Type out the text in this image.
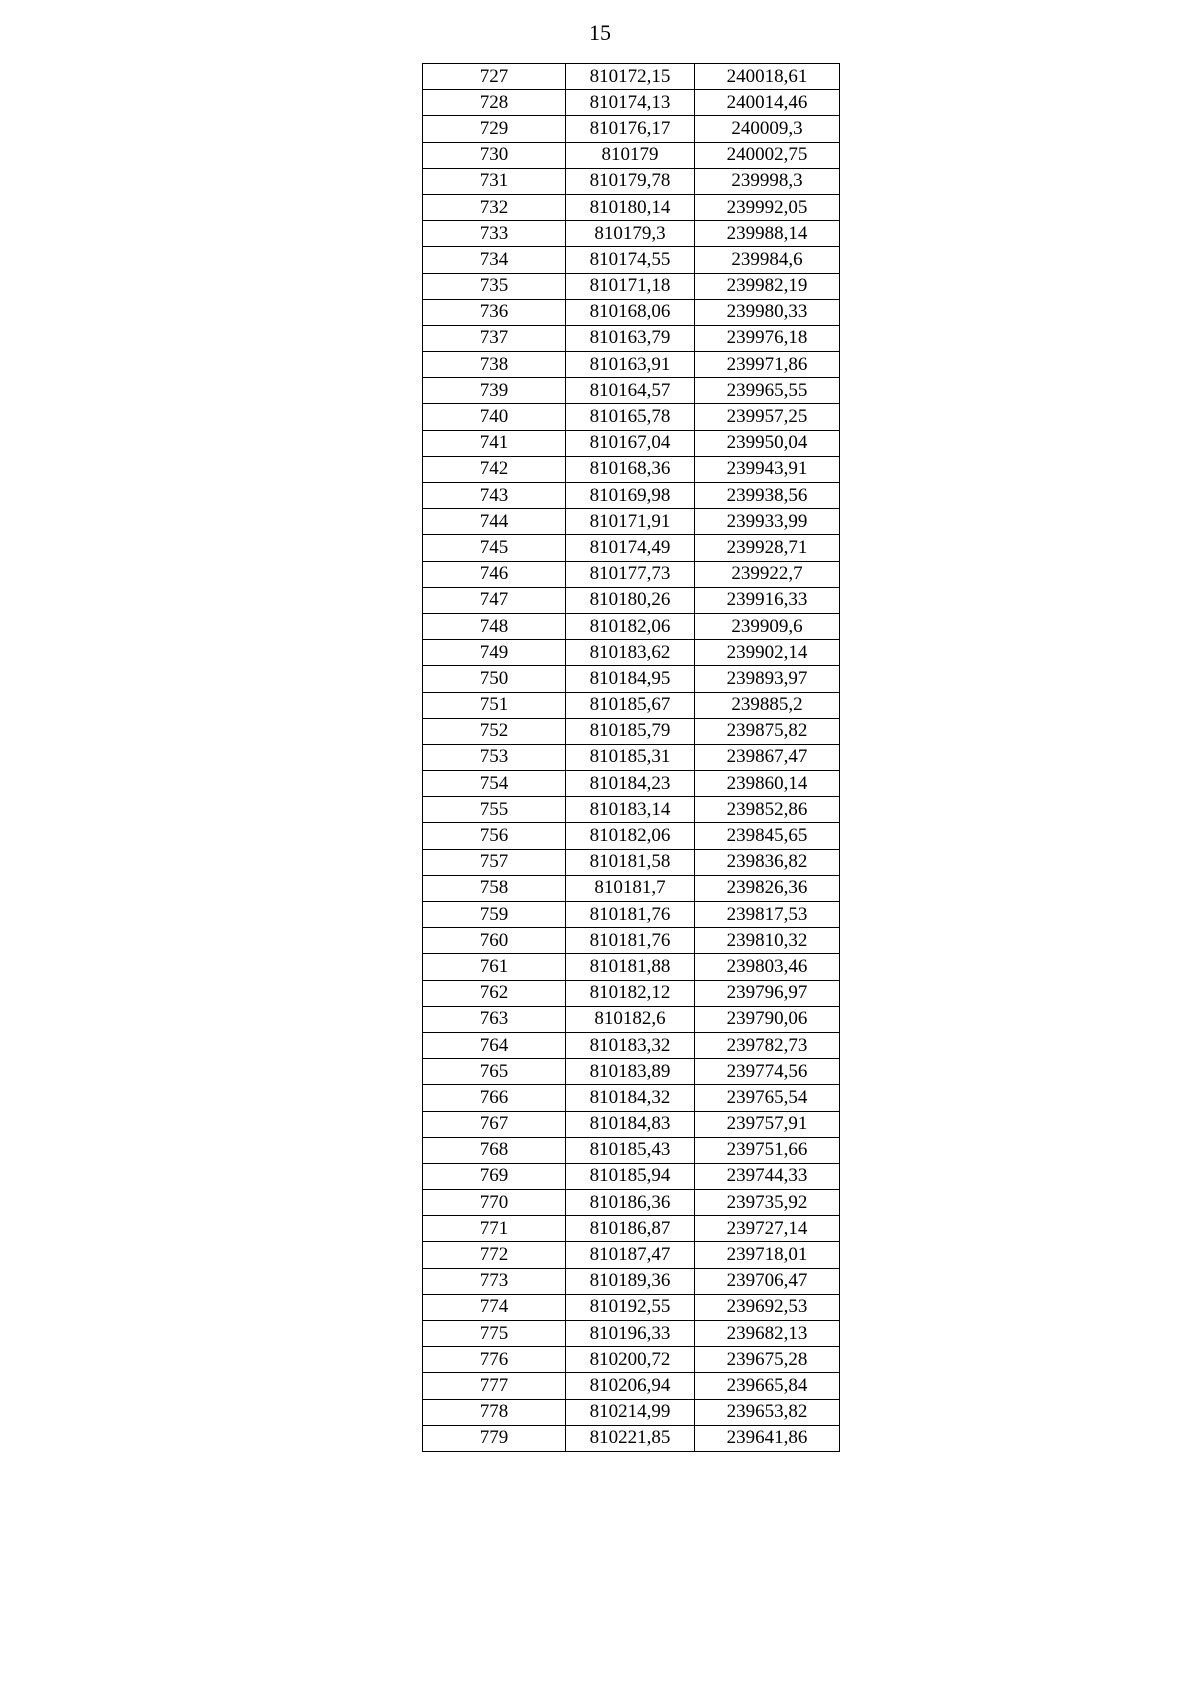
15
727	810172,15	240018,61
728	810174,13	240014,46
729	810176,17	240009,3
730	810179	240002,75
731	810179,78	239998,3
732	810180,14	239992,05
733	810179,3	239988,14
734	810174,55	239984,6
735	810171,18	239982,19
736	810168,06	239980,33
737	810163,79	239976,18
738	810163,91	239971,86
739	810164,57	239965,55
740	810165,78	239957,25
741	810167,04	239950,04
742	810168,36	239943,91
743	810169,98	239938,56
744	810171,91	239933,99
745	810174,49	239928,71
746	810177,73	239922,7
747	810180,26	239916,33
748	810182,06	239909,6
749	810183,62	239902,14
750	810184,95	239893,97
751	810185,67	239885,2
752	810185,79	239875,82
753	810185,31	239867,47
754	810184,23	239860,14
755	810183,14	239852,86
756	810182,06	239845,65
757	810181,58	239836,82
758	810181,7	239826,36
759	810181,76	239817,53
760	810181,76	239810,32
761	810181,88	239803,46
762	810182,12	239796,97
763	810182,6	239790,06
764	810183,32	239782,73
765	810183,89	239774,56
766	810184,32	239765,54
767	810184,83	239757,91
768	810185,43	239751,66
769	810185,94	239744,33
770	810186,36	239735,92
771	810186,87	239727,14
772	810187,47	239718,01
773	810189,36	239706,47
774	810192,55	239692,53
775	810196,33	239682,13
776	810200,72	239675,28
777	810206,94	239665,84
778	810214,99	239653,82
779	810221,85	239641,86
